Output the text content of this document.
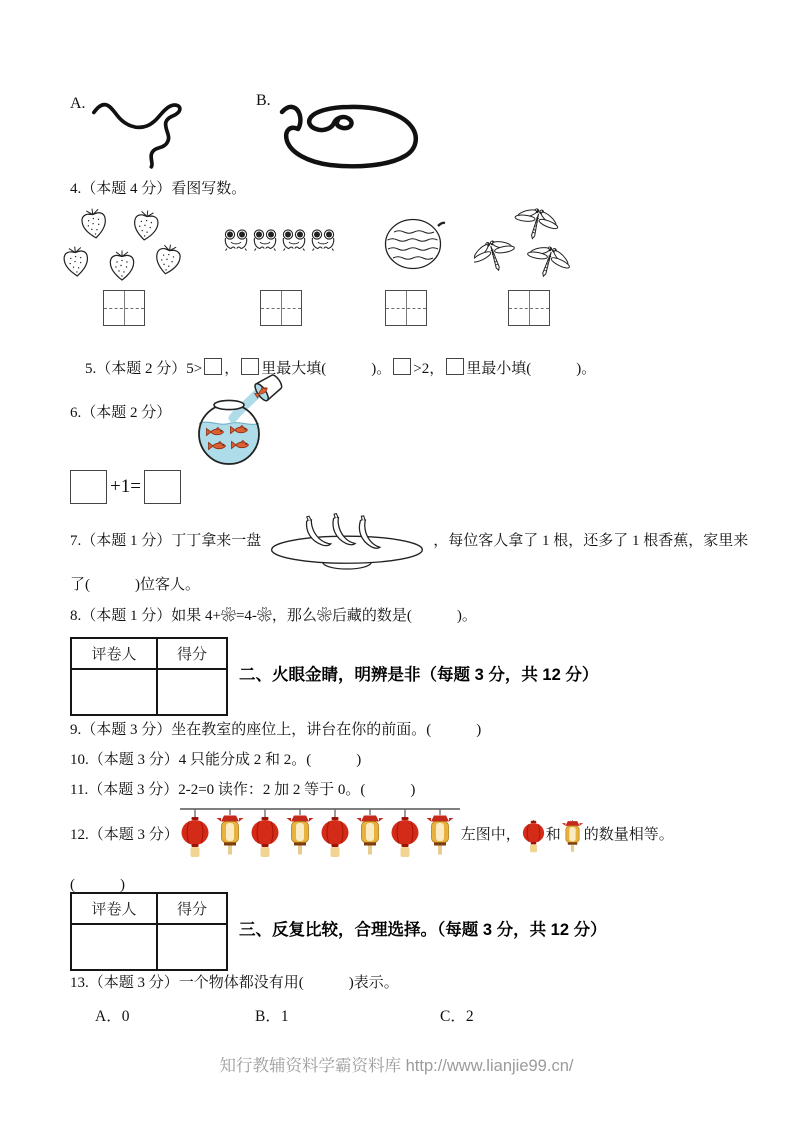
A.	B.
4.（本题 4 分）看图写数。

5.（本题 2 分）5> ， 里最大填(            )。 >2， 里最小填(            )。

6.（本题 2 分）
+1=
7.（本题 1 分）丁丁拿来一盘	，每位客人拿了 1 根，还多了 1 根香蕉，家里来
了(            )位客人。
8.（本题 1 分）如果 4+❀=4-❀，那么❀后藏的数是(            )。
评卷人	得分

二、火眼金睛，明辨是非（每题 3 分，共 12 分）
9.（本题 3 分）坐在教室的座位上，讲台在你的前面。(            )
10.（本题 3 分）4 只能分成 2 和 2。(            )
11.（本题 3 分）2-2=0 读作：2 加 2 等于 0。(            )
12.（本题 3 分）	左图中， 和 的数量相等。
(            )
评卷人	得分

三、反复比较，合理选择。（每题 3 分，共 12 分）
13.（本题 3 分）一个物体都没有用(            )表示。
A．0	B．1	C．2
知行教辅资料学霸资料库 http://www.lianjie99.cn/
